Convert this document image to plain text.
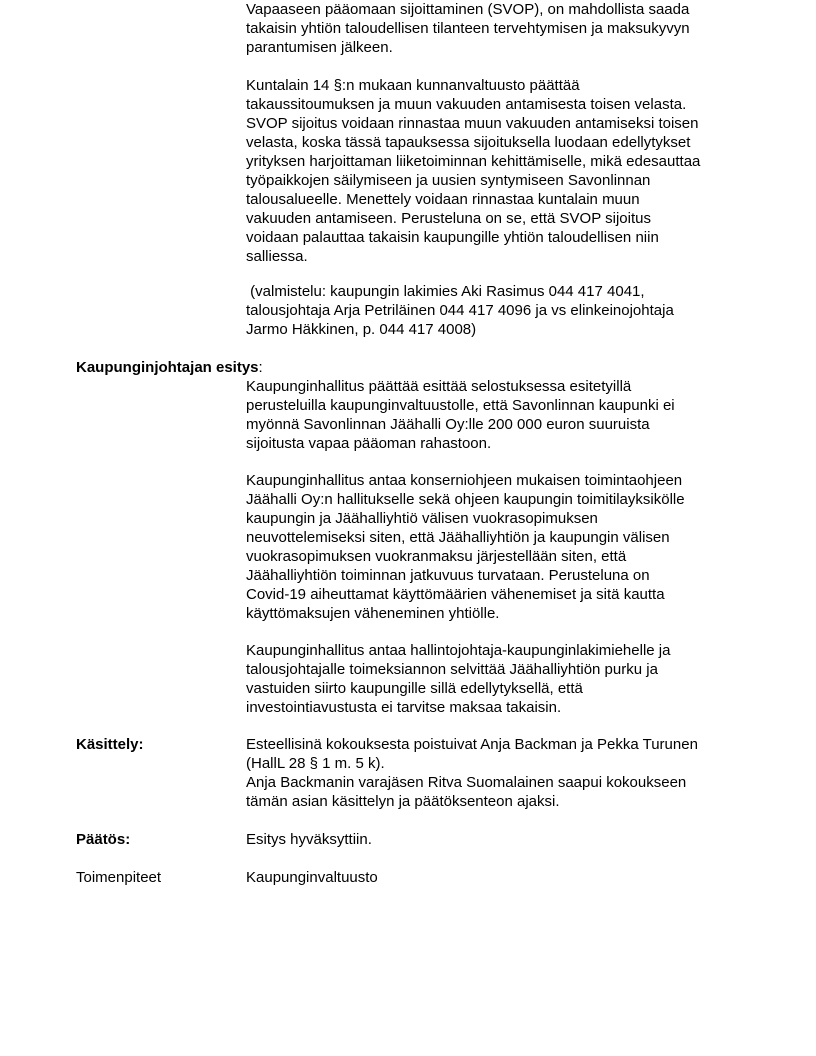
Vapaaseen pääomaan sijoittaminen (SVOP), on mahdollista saada
takaisin yhtiön taloudellisen tilanteen tervehtymisen ja maksukyvyn
parantumisen jälkeen.

Kuntalain 14 §:n mukaan kunnanvaltuusto päättää
takaussitoumuksen ja muun vakuuden antamisesta toisen velasta.
SVOP sijoitus voidaan rinnastaa muun vakuuden antamiseksi toisen
velasta, koska tässä tapauksessa sijoituksella luodaan edellytykset
yrityksen harjoittaman liiketoiminnan kehittämiselle, mikä edesauttaa
työpaikkojen säilymiseen ja uusien syntymiseen Savonlinnan
talousalueelle. Menettely voidaan rinnastaa kuntalain muun
vakuuden antamiseen. Perusteluna on se, että SVOP sijoitus
voidaan palauttaa takaisin kaupungille yhtiön taloudellisen niin
salliessa.

(valmistelu: kaupungin lakimies Aki Rasimus 044 417 4041,
talousjohtaja Arja Petriläinen 044 417 4096 ja vs elinkeinojohtaja
Jarmo Häkkinen, p. 044 417 4008)

Kaupunginjohtajan esitys:

Kaupunginhallitus päättää esittää selostuksessa esitetyillä
perusteluilla kaupunginvaltuustolle, että Savonlinnan kaupunki ei
myönnä Savonlinnan Jäähalli Oy:lle 200 000 euron suuruista
sijoitusta vapaa pääoman rahastoon.

Kaupunginhallitus antaa konserniohjeen mukaisen toimintaohjeen
Jäähalli Oy:n hallitukselle sekä ohjeen kaupungin toimitilayksikölle
kaupungin ja Jäähalliyhtiö välisen vuokrasopimuksen
neuvottelemiseksi siten, että Jäähalliyhtiön ja kaupungin välisen
vuokrasopimuksen vuokranmaksu järjestellään siten, että
Jäähalliyhtiön toiminnan jatkuvuus turvataan. Perusteluna on
Covid-19 aiheuttamat käyttömäärien vähenemiset ja sitä kautta
käyttömaksujen väheneminen yhtiölle.

Kaupunginhallitus antaa hallintojohtaja-kaupunginlakimiehelle ja
talousjohtajalle toimeksiannon selvittää Jäähalliyhtiön purku ja
vastuiden siirto kaupungille sillä edellytyksellä, että
investointiavustusta ei tarvitse maksaa takaisin.

Käsittely:	Esteellisinä kokouksesta poistuivat Anja Backman ja Pekka Turunen
(HallL 28 § 1 m. 5 k).
Anja Backmanin varajäsen Ritva Suomalainen saapui kokoukseen
tämän asian käsittelyn ja päätöksenteon ajaksi.

Päätös:	Esitys hyväksyttiin.

Toimenpiteet	Kaupunginvaltuusto
